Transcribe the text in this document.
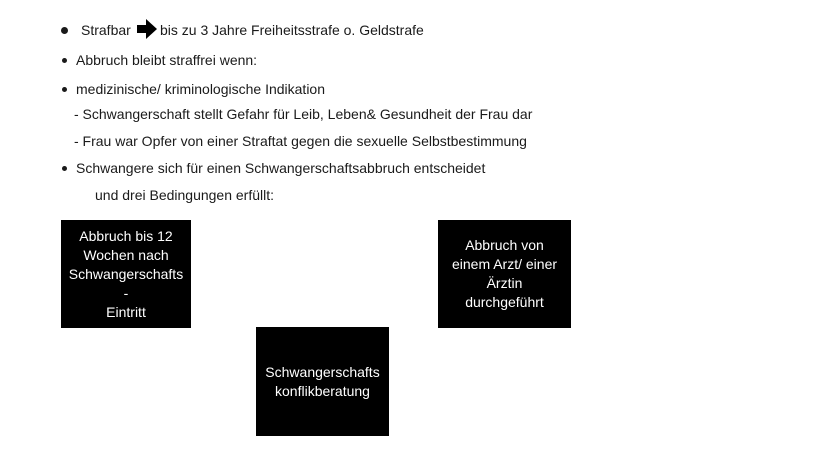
Strafbar bis zu 3 Jahre Freiheitsstrafe o. Geldstrafe
Abbruch bleibt straffrei wenn:
medizinische/ kriminologische Indikation
- Schwangerschaft stellt Gefahr für Leib, Leben& Gesundheit der Frau dar
- Frau war Opfer von einer Straftat gegen die sexuelle Selbstbestimmung
Schwangere sich für einen Schwangerschaftsabbruch entscheidet
und drei Bedingungen erfüllt:
Abbruch bis 12
Wochen nach
Schwangerschafts
-
Eintritt
Abbruch von
einem Arzt/ einer
Ärztin
durchgeführt
Schwangerschafts
konflikberatung
